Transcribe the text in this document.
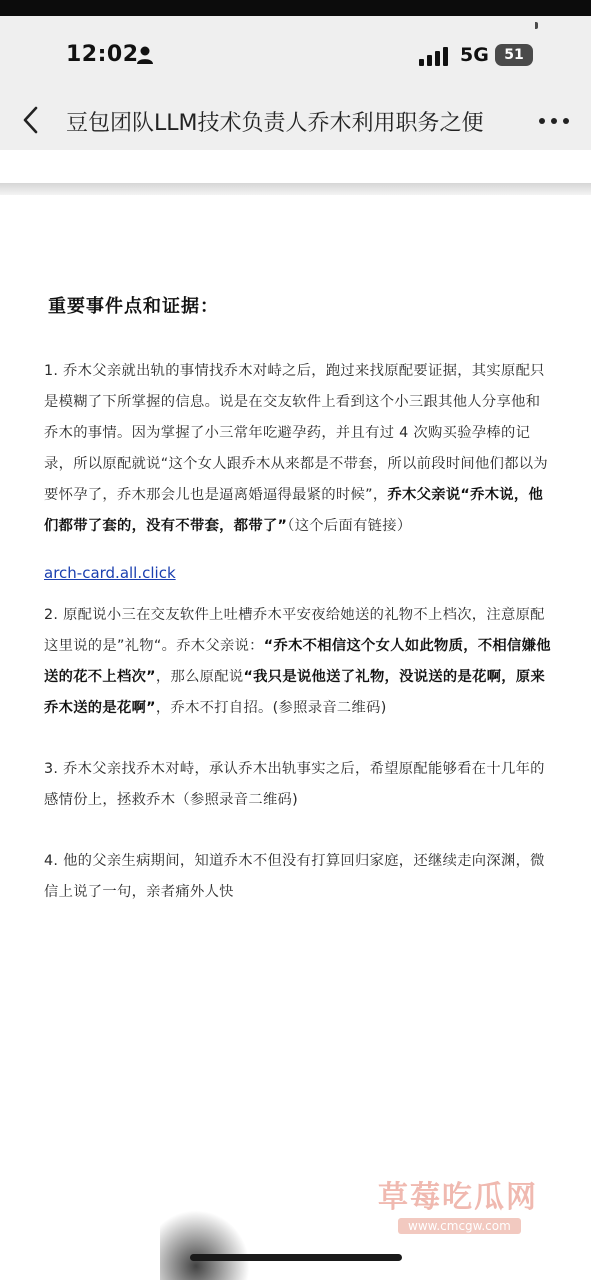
12:02	5G	51
豆包团队LLM技术负责人乔木利用职务之便
重要事件点和证据：

1. 乔木父亲就出轨的事情找乔木对峙之后，跑过来找原配要证据，其实原配只是模糊了下所掌握的信息。说是在交友软件上看到这个小三跟其他人分享他和乔木的事情。因为掌握了小三常年吃避孕药，并且有过 4 次购买验孕棒的记录，所以原配就说“这个女人跟乔木从来都是不带套，所以前段时间他们都以为要怀孕了，乔木那会儿也是逼离婚逼得最紧的时候”，乔木父亲说“乔木说，他们都带了套的，没有不带套，都带了”（这个后面有链接）

arch-card.all.click

2. 原配说小三在交友软件上吐槽乔木平安夜给她送的礼物不上档次，注意原配这里说的是”礼物“。乔木父亲说：“乔木不相信这个女人如此物质，不相信嫌他送的花不上档次”，那么原配说“我只是说他送了礼物，没说送的是花啊，原来乔木送的是花啊”，乔木不打自招。(参照录音二维码)

3. 乔木父亲找乔木对峙，承认乔木出轨事实之后，希望原配能够看在十几年的感情份上，拯救乔木（参照录音二维码)

4. 他的父亲生病期间，知道乔木不但没有打算回归家庭，还继续走向深渊，微信上说了一句，亲者痛外人快

草莓吃瓜网
www.cmcgw.com
